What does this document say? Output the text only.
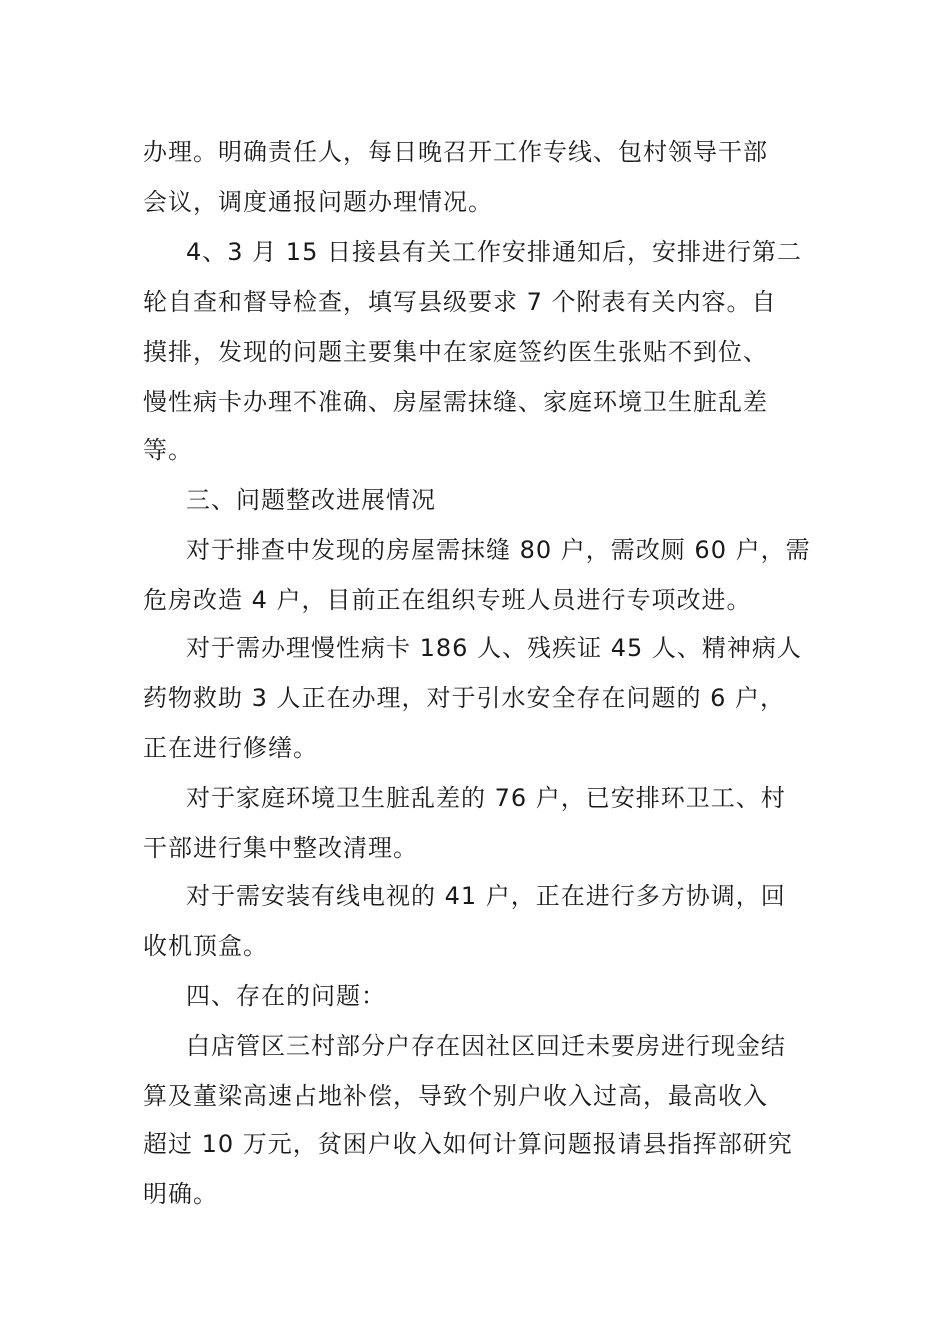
办理。明确责任人，每日晚召开工作专线、包村领导干部
会议，调度通报问题办理情况。
4、3 月 15 日接县有关工作安排通知后，安排进行第二
轮自查和督导检查，填写县级要求 7 个附表有关内容。自
摸排，发现的问题主要集中在家庭签约医生张贴不到位、
慢性病卡办理不准确、房屋需抹缝、家庭环境卫生脏乱差
等。
三、问题整改进展情况
对于排查中发现的房屋需抹缝 80 户，需改厕 60 户，需
危房改造 4 户，目前正在组织专班人员进行专项改进。
对于需办理慢性病卡 186 人、残疾证 45 人、精神病人
药物救助 3 人正在办理，对于引水安全存在问题的 6 户，
正在进行修缮。
对于家庭环境卫生脏乱差的 76 户，已安排环卫工、村
干部进行集中整改清理。
对于需安装有线电视的 41 户，正在进行多方协调，回
收机顶盒。
四、存在的问题：
白店管区三村部分户存在因社区回迁未要房进行现金结
算及董梁高速占地补偿，导致个别户收入过高，最高收入
超过 10 万元，贫困户收入如何计算问题报请县指挥部研究
明确。
